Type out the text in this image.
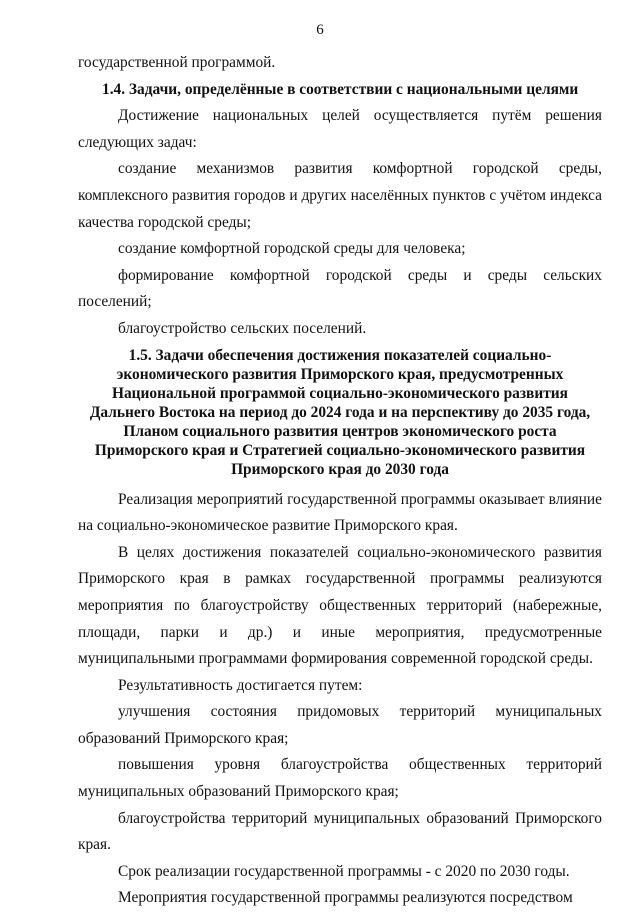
6

государственной программой.

1.4. Задачи, определённые в соответствии с национальными целями

Достижение национальных целей осуществляется путём решения следующих задач:

создание механизмов развития комфортной городской среды, комплексного развития городов и других населённых пунктов с учётом индекса качества городской среды;

создание комфортной городской среды для человека;

формирование комфортной городской среды и среды сельских поселений;

благоустройство сельских поселений.

1.5. Задачи обеспечения достижения показателей социально-экономического развития Приморского края, предусмотренных Национальной программой социально-экономического развития Дальнего Востока на период до 2024 года и на перспективу до 2035 года, Планом социального развития центров экономического роста Приморского края и Стратегией социально-экономического развития Приморского края до 2030 года

Реализация мероприятий государственной программы оказывает влияние на социально-экономическое развитие Приморского края.

В целях достижения показателей социально-экономического развития Приморского края в рамках государственной программы реализуются мероприятия по благоустройству общественных территорий (набережные, площади, парки и др.) и иные мероприятия, предусмотренные муниципальными программами формирования современной городской среды.

Результативность достигается путем:

улучшения состояния придомовых территорий муниципальных образований Приморского края;

повышения уровня благоустройства общественных территорий муниципальных образований Приморского края;

благоустройства территорий муниципальных образований Приморского края.

Срок реализации государственной программы - с 2020 по 2030 годы.

Мероприятия государственной программы реализуются посредством
